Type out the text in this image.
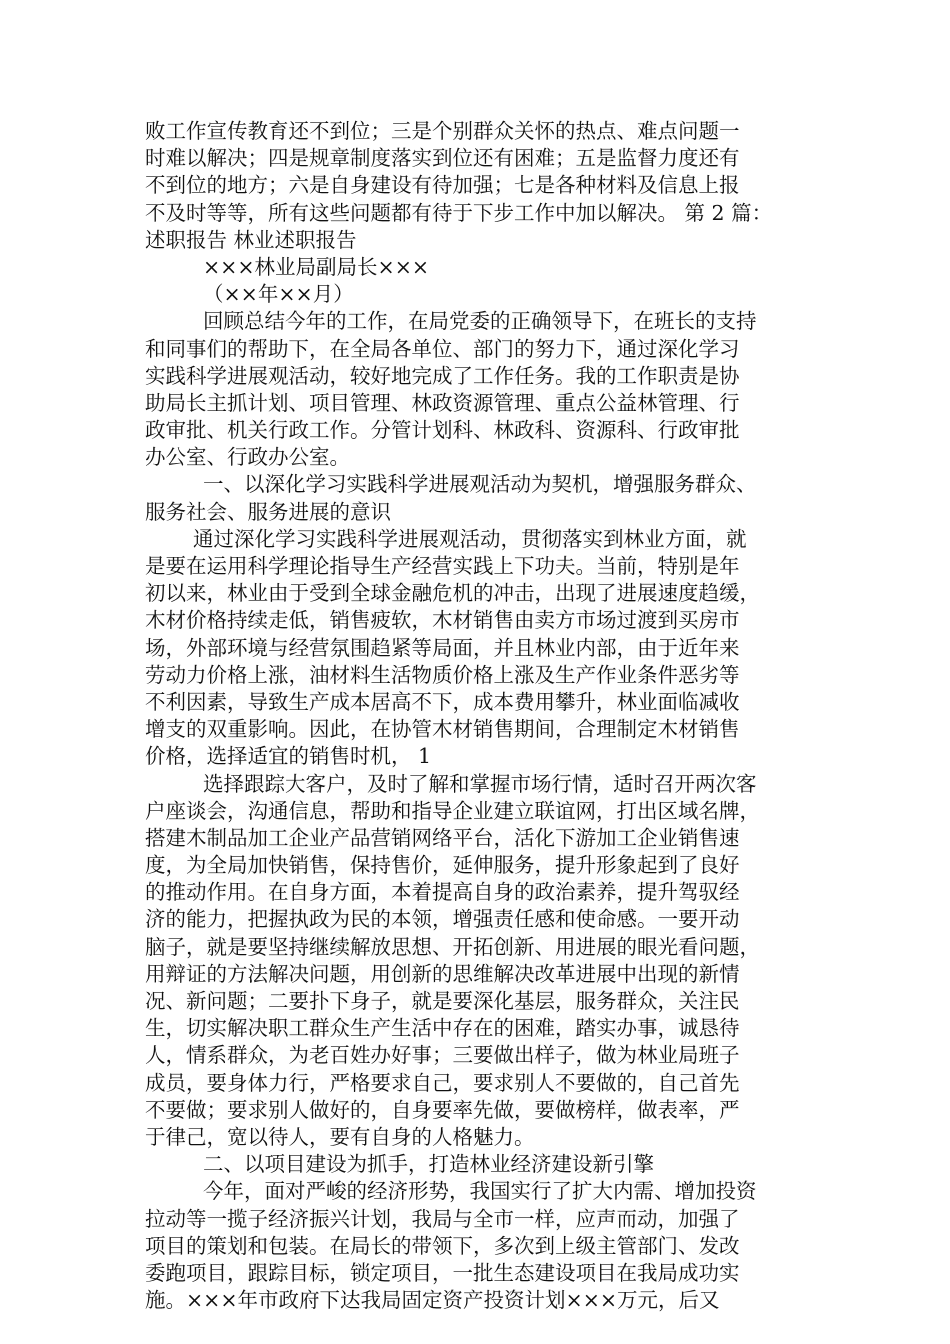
败工作宣传教育还不到位；三是个别群众关怀的热点、难点问题一
时难以解决；四是规章制度落实到位还有困难；五是监督力度还有
不到位的地方；六是自身建设有待加强；七是各种材料及信息上报
不及时等等，所有这些问题都有待于下步工作中加以解决。 第 2 篇：
述职报告 林业述职报告
×××林业局副局长×××
（××年××月）
回顾总结今年的工作，在局党委的正确领导下，在班长的支持
和同事们的帮助下，在全局各单位、部门的努力下，通过深化学习
实践科学进展观活动，较好地完成了工作任务。我的工作职责是协
助局长主抓计划、项目管理、林政资源管理、重点公益林管理、行
政审批、机关行政工作。分管计划科、林政科、资源科、行政审批
办公室、行政办公室。
一、以深化学习实践科学进展观活动为契机，增强服务群众、
服务社会、服务进展的意识
通过深化学习实践科学进展观活动，贯彻落实到林业方面，就
是要在运用科学理论指导生产经营实践上下功夫。当前，特别是年
初以来，林业由于受到全球金融危机的冲击，出现了进展速度趋缓，
木材价格持续走低，销售疲软，木材销售由卖方市场过渡到买房市
场，外部环境与经营氛围趋紧等局面，并且林业内部，由于近年来
劳动力价格上涨，油材料生活物质价格上涨及生产作业条件恶劣等
不利因素，导致生产成本居高不下，成本费用攀升，林业面临减收
增支的双重影响。因此，在协管木材销售期间，合理制定木材销售
价格，选择适宜的销售时机， 1
选择跟踪大客户，及时了解和掌握市场行情，适时召开两次客
户座谈会，沟通信息，帮助和指导企业建立联谊网，打出区域名牌，
搭建木制品加工企业产品营销网络平台，活化下游加工企业销售速
度，为全局加快销售，保持售价，延伸服务，提升形象起到了良好
的推动作用。在自身方面，本着提高自身的政治素养，提升驾驭经
济的能力，把握执政为民的本领，增强责任感和使命感。一要开动
脑子，就是要坚持继续解放思想、开拓创新、用进展的眼光看问题，
用辩证的方法解决问题，用创新的思维解决改革进展中出现的新情
况、新问题；二要扑下身子，就是要深化基层，服务群众，关注民
生，切实解决职工群众生产生活中存在的困难，踏实办事，诚恳待
人，情系群众，为老百姓办好事；三要做出样子，做为林业局班子
成员，要身体力行，严格要求自己，要求别人不要做的，自己首先
不要做；要求别人做好的，自身要率先做，要做榜样，做表率，严
于律己，宽以待人，要有自身的人格魅力。
二、以项目建设为抓手，打造林业经济建设新引擎
今年，面对严峻的经济形势，我国实行了扩大内需、增加投资
拉动等一揽子经济振兴计划，我局与全市一样，应声而动，加强了
项目的策划和包装。在局长的带领下，多次到上级主管部门、发改
委跑项目，跟踪目标，锁定项目，一批生态建设项目在我局成功实
施。×××年市政府下达我局固定资产投资计划×××万元，后又
